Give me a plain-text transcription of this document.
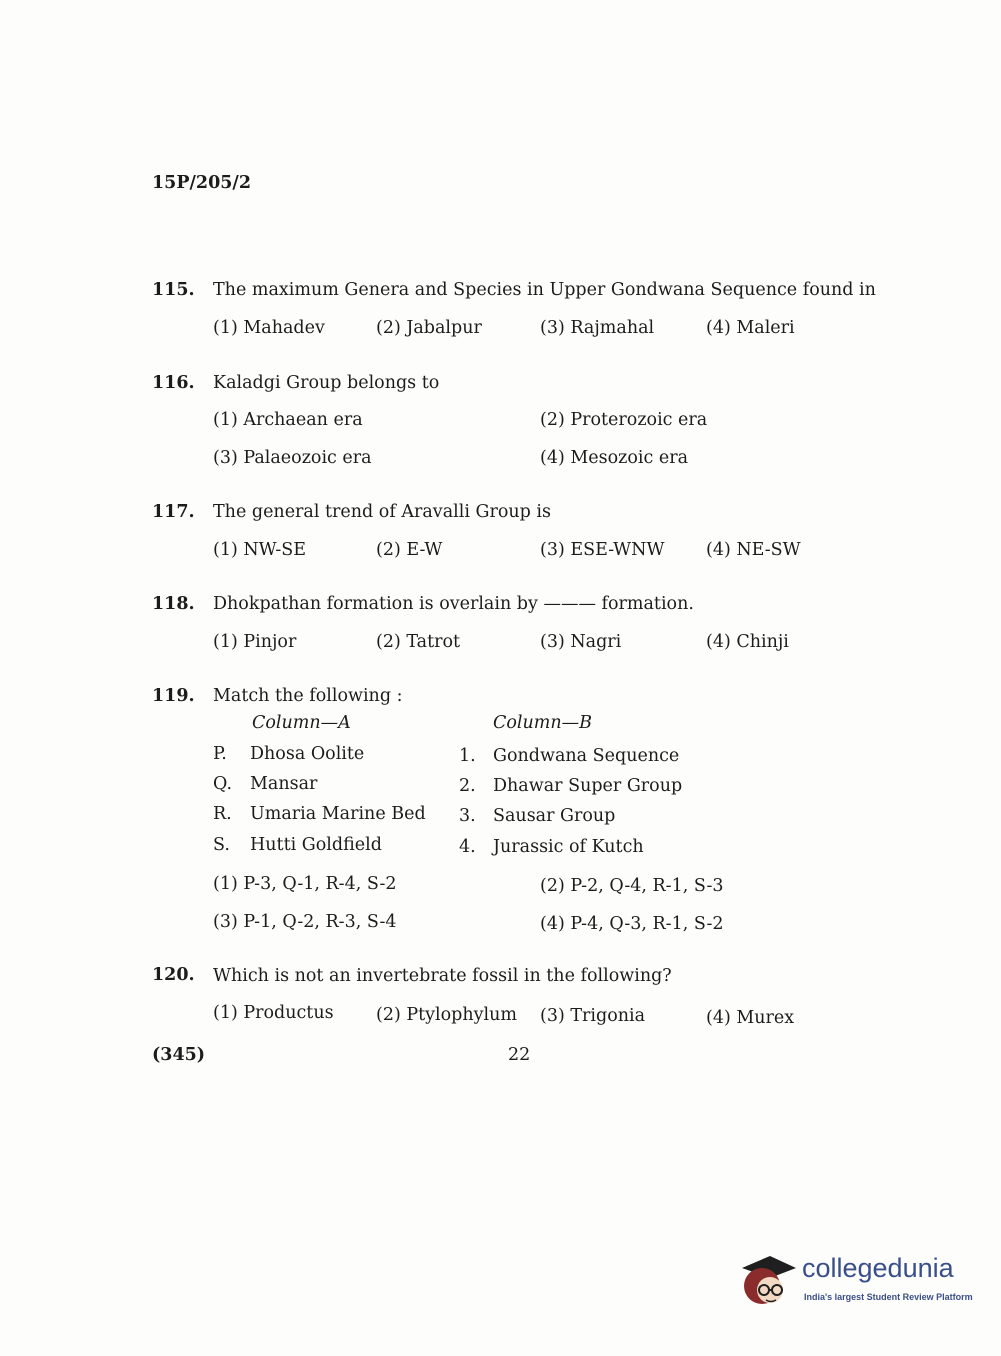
15P/205/2
115. The maximum Genera and Species in Upper Gondwana Sequence found in
(1) Mahadev	(2) Jabalpur	(3) Rajmahal	(4) Maleri
116. Kaladgi Group belongs to
(1) Archaean era	(2) Proterozoic era
(3) Palaeozoic era	(4) Mesozoic era
117. The general trend of Aravalli Group is
(1) NW-SE	(2) E-W	(3) ESE-WNW (4) NE-SW
118. Dhokpathan formation is overlain by ——— formation.
(1) Pinjor	(2) Tatrot	(3) Nagri	(4) Chinji
119. Match the following :
Column—A	Column—B
P. Dhosa Oolite	1. Gondwana Sequence
Q. Mansar	2. Dhawar Super Group
R. Umaria Marine Bed 3. Sausar Group
S. Hutti Goldfield	4. Jurassic of Kutch
(1) P-3, Q-1, R-4, S-2	(2) P-2, Q-4, R-1, S-3
(3) P-1, Q-2, R-3, S-4	(4) P-4, Q-3, R-1, S-2
120. Which is not an invertebrate fossil in the following?
(1) Productus (2) Ptylophylum (3) Trigonia	(4) Murex
(345)	22
collegedunia
India's largest Student Review Platform
